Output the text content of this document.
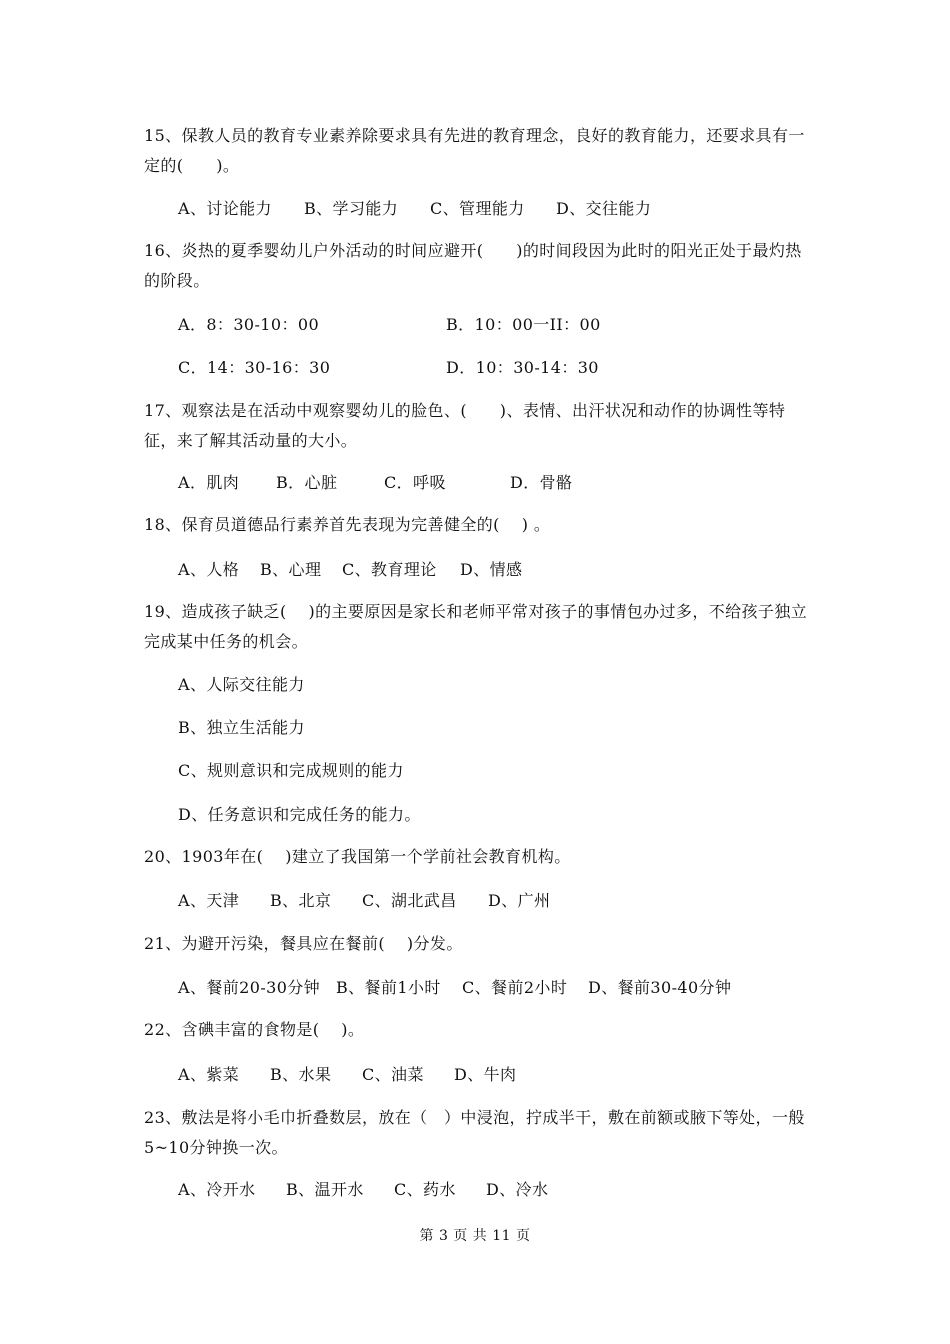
15、保教人员的教育专业素养除要求具有先进的教育理念，良好的教育能力，还要求具有一定的(　　)。

A、讨论能力 B、学习能力 C、管理能力 D、交往能力

16、炎热的夏季婴幼儿户外活动的时间应避开(　　)的时间段因为此时的阳光正处于最灼热的阶段。

A．8：30-10：00	B．10：00一II：00
C．14：30-16：30	D．10：30-14：30

17、观察法是在活动中观察婴幼儿的脸色、(　　)、表情、出汗状况和动作的协调性等特征，来了解其活动量的大小。

A．肌肉 B．心脏	C．呼吸	D．骨骼

18、保育员道德品行素养首先表现为完善健全的(　 ) 。

A、人格 B、心理 C、教育理论 D、情感

19、造成孩子缺乏(　 )的主要原因是家长和老师平常对孩子的事情包办过多，不给孩子独立完成某中任务的机会。

A、人际交往能力
B、独立生活能力
C、规则意识和完成规则的能力
D、任务意识和完成任务的能力。

20、1903年在(　 )建立了我国第一个学前社会教育机构。

A、天津 B、北京 C、湖北武昌 D、广州

21、为避开污染，餐具应在餐前(　 )分发。

A、餐前20-30分钟 B、餐前1小时 C、餐前2小时 D、餐前30-40分钟

22、含碘丰富的食物是(　 )。

A、紫菜 B、水果 C、油菜 D、牛肉

23、敷法是将小毛巾折叠数层，放在（　）中浸泡，拧成半干，敷在前额或腋下等处，一般5~10分钟换一次。

A、冷开水 B、温开水 C、药水 D、冷水
第 3 页 共 11 页
